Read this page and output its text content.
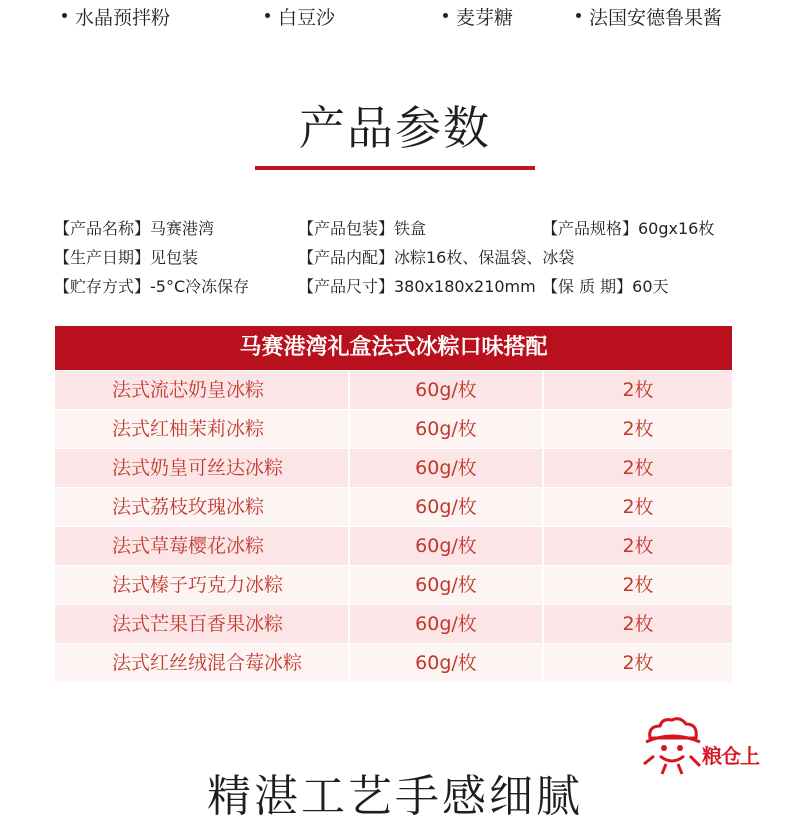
水晶预拌粉	白豆沙	麦芽糖	法国安德鲁果酱
产品参数
【产品名称】马赛港湾	【产品包装】铁盒	【产品规格】60gx16枚
【生产日期】见包装	【产品内配】冰粽16枚、保温袋、冰袋
【贮存方式】-5°C冷冻保存	【产品尺寸】380x180x210mm 【保 质 期】60天
马赛港湾礼盒法式冰粽口味搭配
法式流芯奶皇冰粽	60g/枚	2枚
法式红柚茉莉冰粽	60g/枚	2枚
法式奶皇可丝达冰粽	60g/枚	2枚
法式荔枝玫瑰冰粽	60g/枚	2枚
法式草莓樱花冰粽	60g/枚	2枚
法式榛子巧克力冰粽	60g/枚	2枚
法式芒果百香果冰粽	60g/枚	2枚
法式红丝绒混合莓冰粽	60g/枚	2枚
粮仓上
精湛工艺手感细腻
